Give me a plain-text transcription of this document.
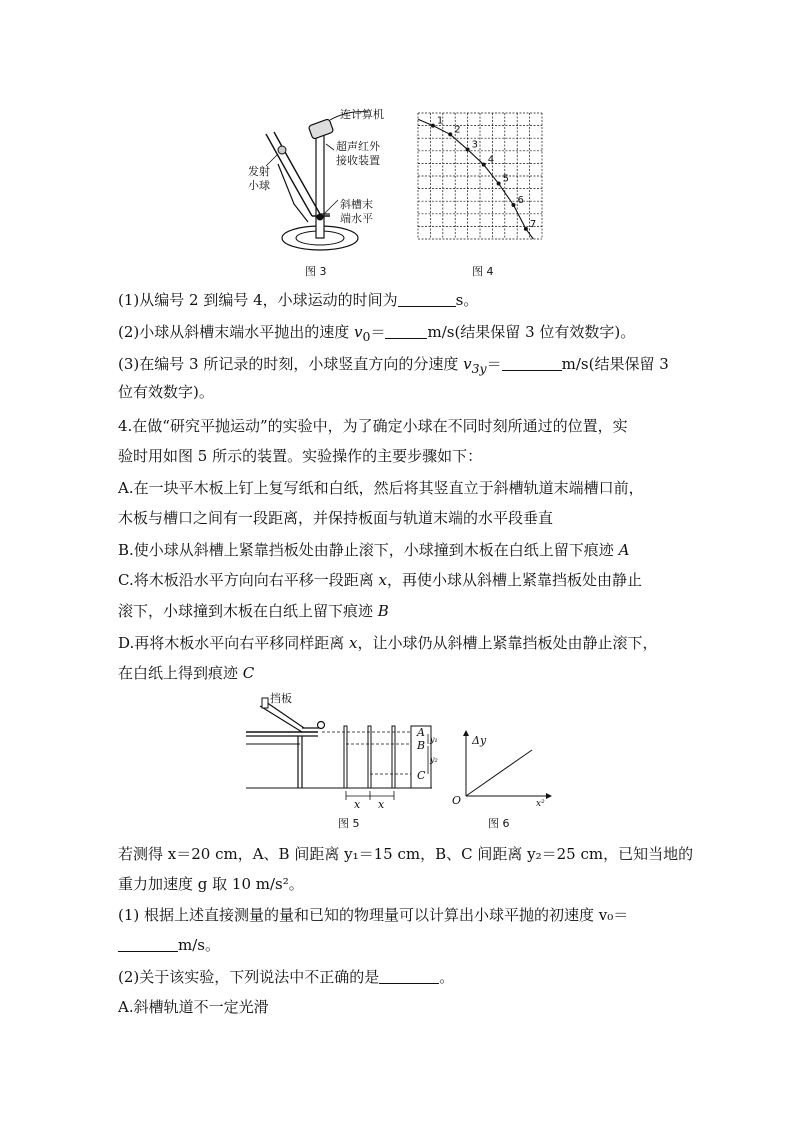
连计算机
超声红外
接收装置
发射
小球
斜槽末
端水平
图 3
1
2
3
4
5
6
7
图 4
(1)从编号 2 到编号 4，小球运动的时间为	s。
(2)小球从斜槽末端水平抛出的速度 $v_0=$	m/s(结果保留 3 位有效数字)。
(3)在编号 3 所记录的时刻，小球竖直方向的分速度 $v_{3y}=$	m/s(结果保留 3
位有效数字)。
4.在做“研究平抛运动”的实验中，为了确定小球在不同时刻所通过的位置，实
验时用如图 5 所示的装置。实验操作的主要步骤如下：
A.在一块平木板上钉上复写纸和白纸，然后将其竖直立于斜槽轨道末端槽口前，
木板与槽口之间有一段距离，并保持板面与轨道末端的水平段垂直
B.使小球从斜槽上紧靠挡板处由静止滚下，小球撞到木板在白纸上留下痕迹 A
C.将木板沿水平方向向右平移一段距离 x，再使小球从斜槽上紧靠挡板处由静止
滚下，小球撞到木板在白纸上留下痕迹 B
D.再将木板水平向右平移同样距离 x，让小球仍从斜槽上紧靠挡板处由静止滚下，
在白纸上得到痕迹 C
挡板
A
B
C
y₁
y₂
x x
图 5
Δy
x²
O
图 6
若测得 x＝20 cm，A、B 间距离 y₁＝15 cm，B、C 间距离 y₂＝25 cm，已知当地的
重力加速度 g 取 10 m/s²。
(1) 根据上述直接测量的量和已知的物理量可以计算出小球平抛的初速度 v₀＝
m/s。
(2)关于该实验，下列说法中不正确的是	。
A.斜槽轨道不一定光滑
